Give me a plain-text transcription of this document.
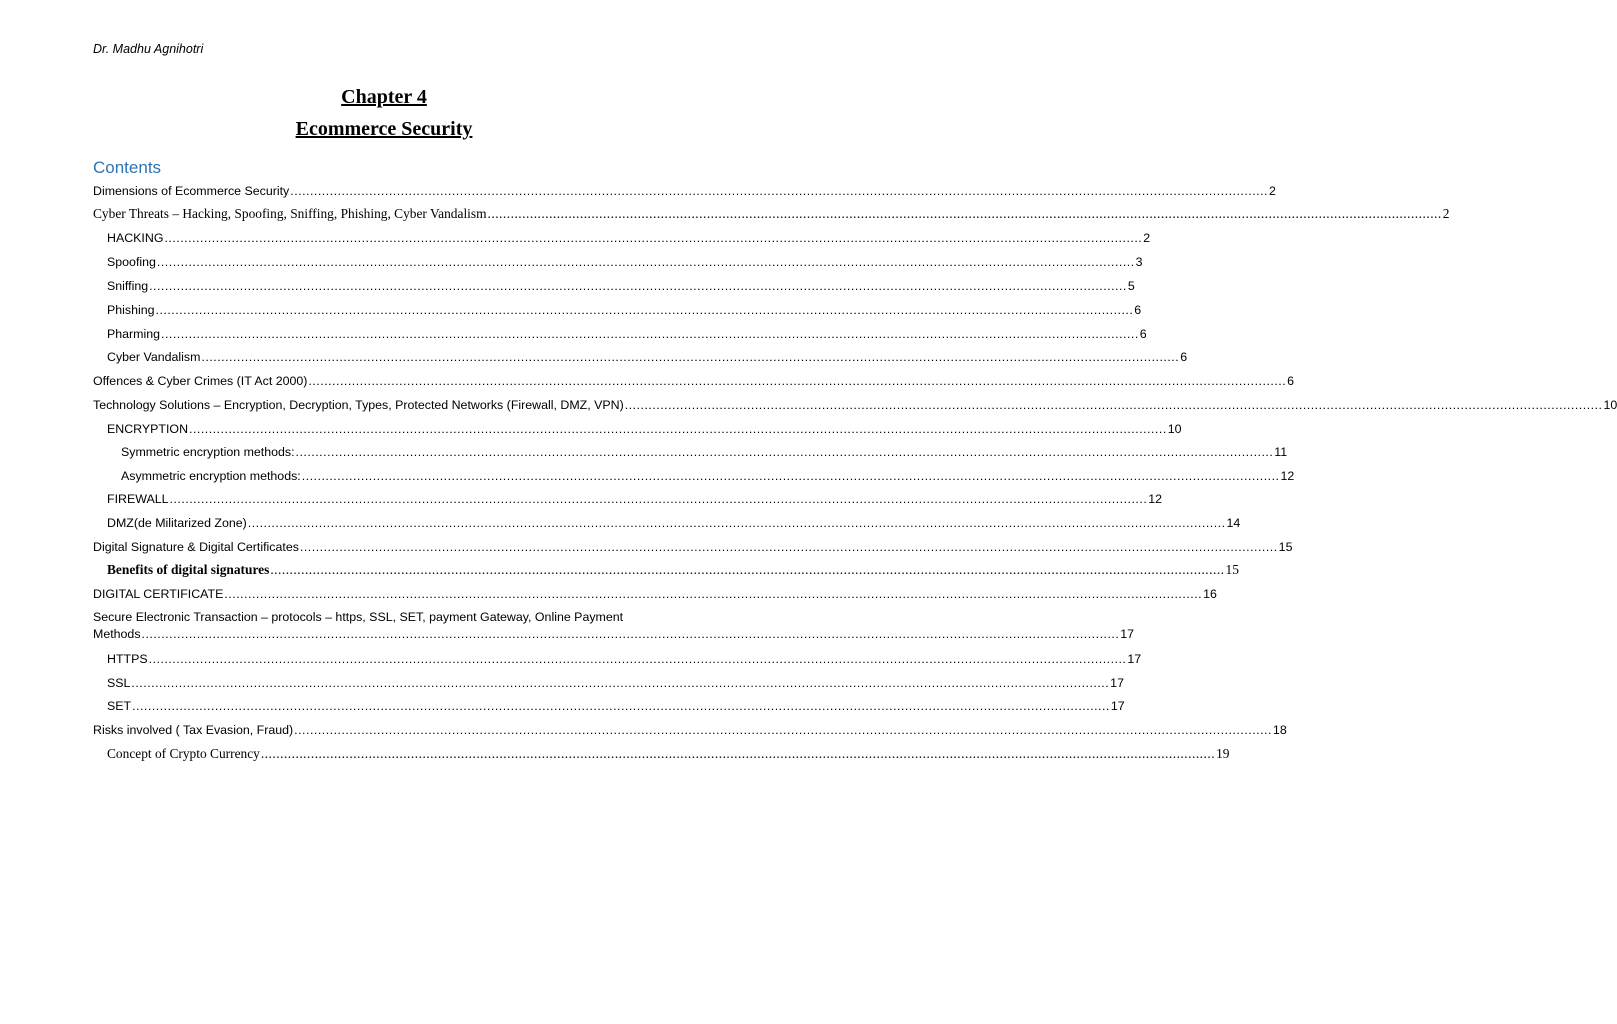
Dr. Madhu Agnihotri
Chapter 4
Ecommerce Security
Contents
Dimensions of Ecommerce Security ........................................................................................................................................................................................................................................................ 2
Cyber Threats – Hacking, Spoofing, Sniffing, Phishing, Cyber Vandalism ........................................................................................................................................................................................................................................................ 2
HACKING ........................................................................................................................................................................................................................................................ 2
Spoofing ........................................................................................................................................................................................................................................................ 3
Sniffing ........................................................................................................................................................................................................................................................ 5
Phishing ........................................................................................................................................................................................................................................................ 6
Pharming ........................................................................................................................................................................................................................................................ 6
Cyber Vandalism ........................................................................................................................................................................................................................................................ 6
Offences & Cyber Crimes (IT Act 2000) ........................................................................................................................................................................................................................................................ 6
Technology Solutions – Encryption, Decryption, Types, Protected Networks (Firewall, DMZ, VPN) ........................................................................................................................................................................................................................................................ 10
ENCRYPTION ........................................................................................................................................................................................................................................................ 10
Symmetric encryption methods: ........................................................................................................................................................................................................................................................ 11
Asymmetric encryption methods: ........................................................................................................................................................................................................................................................ 12
FIREWALL ........................................................................................................................................................................................................................................................ 12
DMZ(de Militarized Zone) ........................................................................................................................................................................................................................................................ 14
Digital Signature & Digital Certificates ........................................................................................................................................................................................................................................................ 15
Benefits of digital signatures ........................................................................................................................................................................................................................................................ 15
DIGITAL CERTIFICATE ........................................................................................................................................................................................................................................................ 16
Secure Electronic Transaction – protocols – https, SSL, SET, payment Gateway, Online Payment
Methods ........................................................................................................................................................................................................................................................ 17
HTTPS ........................................................................................................................................................................................................................................................ 17
SSL ........................................................................................................................................................................................................................................................ 17
SET ........................................................................................................................................................................................................................................................ 17
Risks involved ( Tax Evasion, Fraud) ........................................................................................................................................................................................................................................................ 18
Concept of Crypto Currency ........................................................................................................................................................................................................................................................ 19
